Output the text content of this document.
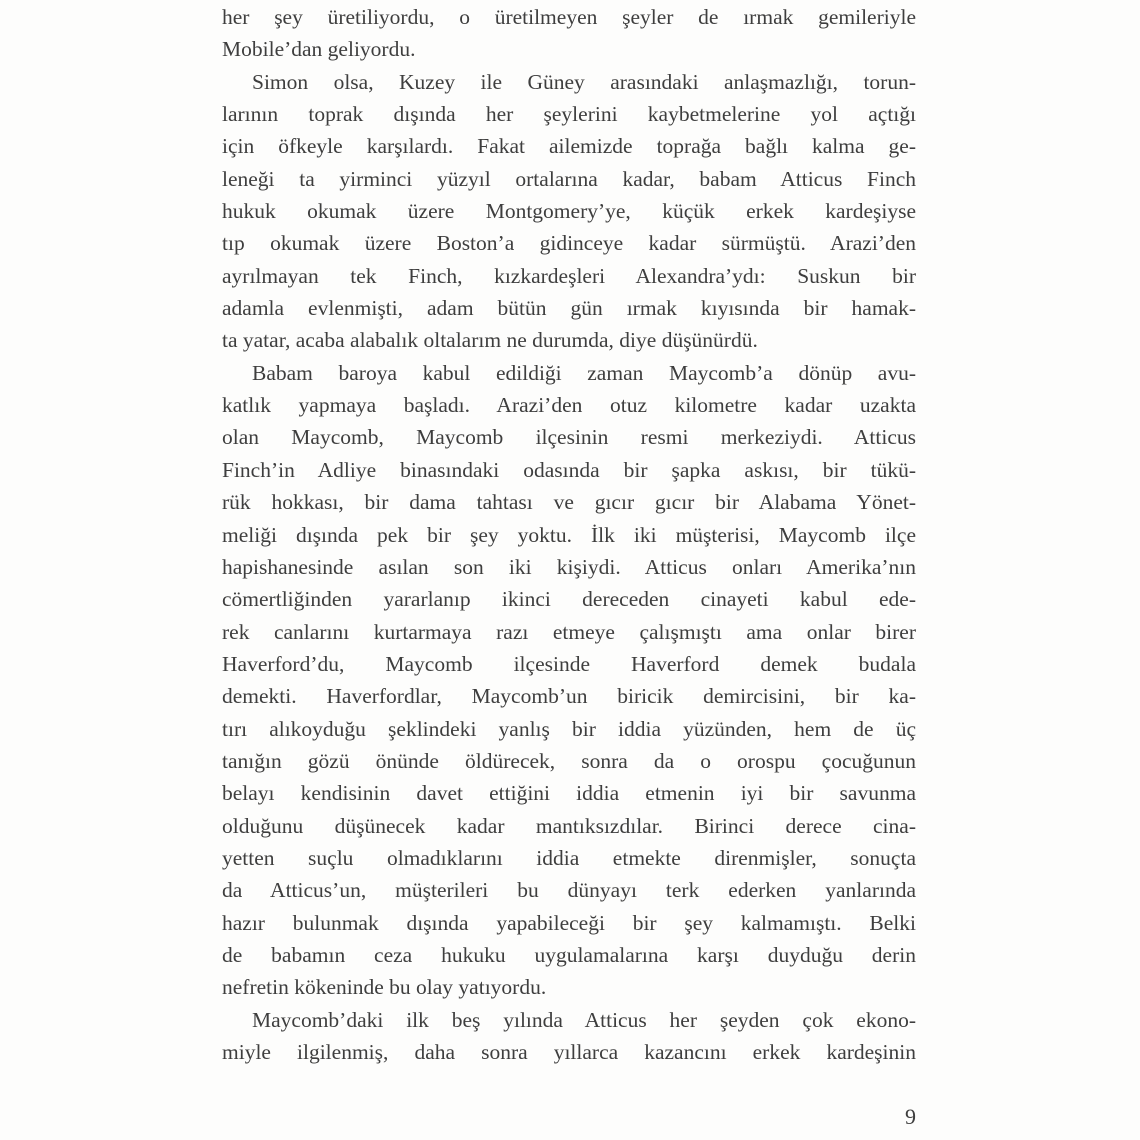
her şey üretiliyordu, o üretilmeyen şeyler de ırmak gemileriyle
Mobile’dan geliyordu.
Simon olsa, Kuzey ile Güney arasındaki anlaşmazlığı, torun-
larının toprak dışında her şeylerini kaybetmelerine yol açtığı
için öfkeyle karşılardı. Fakat ailemizde toprağa bağlı kalma ge-
leneği ta yirminci yüzyıl ortalarına kadar, babam Atticus Finch
hukuk okumak üzere Montgomery’ye, küçük erkek kardeşiyse
tıp okumak üzere Boston’a gidinceye kadar sürmüştü. Arazi’den
ayrılmayan tek Finch, kızkardeşleri Alexandra’ydı: Suskun bir
adamla evlenmişti, adam bütün gün ırmak kıyısında bir hamak-
ta yatar, acaba alabalık oltalarım ne durumda, diye düşünürdü.
Babam baroya kabul edildiği zaman Maycomb’a dönüp avu-
katlık yapmaya başladı. Arazi’den otuz kilometre kadar uzakta
olan Maycomb, Maycomb ilçesinin resmi merkeziydi. Atticus
Finch’in Adliye binasındaki odasında bir şapka askısı, bir tükü-
rük hokkası, bir dama tahtası ve gıcır gıcır bir Alabama Yönet-
meliği dışında pek bir şey yoktu. İlk iki müşterisi, Maycomb ilçe
hapishanesinde asılan son iki kişiydi. Atticus onları Amerika’nın
cömertliğinden yararlanıp ikinci dereceden cinayeti kabul ede-
rek canlarını kurtarmaya razı etmeye çalışmıştı ama onlar birer
Haverford’du, Maycomb ilçesinde Haverford demek budala
demekti. Haverfordlar, Maycomb’un biricik demircisini, bir ka-
tırı alıkoyduğu şeklindeki yanlış bir iddia yüzünden, hem de üç
tanığın gözü önünde öldürecek, sonra da o orospu çocuğunun
belayı kendisinin davet ettiğini iddia etmenin iyi bir savunma
olduğunu düşünecek kadar mantıksızdılar. Birinci derece cina-
yetten suçlu olmadıklarını iddia etmekte direnmişler, sonuçta
da Atticus’un, müşterileri bu dünyayı terk ederken yanlarında
hazır bulunmak dışında yapabileceği bir şey kalmamıştı. Belki
de babamın ceza hukuku uygulamalarına karşı duyduğu derin
nefretin kökeninde bu olay yatıyordu.
Maycomb’daki ilk beş yılında Atticus her şeyden çok ekono-
miyle ilgilenmiş, daha sonra yıllarca kazancını erkek kardeşinin
9
